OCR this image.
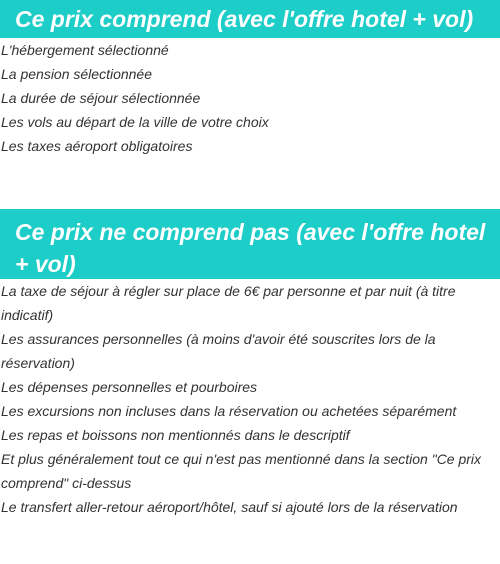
Ce prix comprend (avec l'offre hotel + vol)
L'hébergement sélectionné
La pension sélectionnée
La durée de séjour sélectionnée
Les vols au départ de la ville de votre choix
Les taxes aéroport obligatoires
Ce prix ne comprend pas (avec l'offre hotel + vol)
La taxe de séjour à régler sur place de 6€ par personne et par nuit (à titre indicatif)
Les assurances personnelles (à moins d'avoir été souscrites lors de la réservation)
Les dépenses personnelles et pourboires
Les excursions non incluses dans la réservation ou achetées séparément
Les repas et boissons non mentionnés dans le descriptif
Et plus généralement tout ce qui n'est pas mentionné dans la section "Ce prix comprend" ci-dessus
Le transfert aller-retour aéroport/hôtel, sauf si ajouté lors de la réservation
